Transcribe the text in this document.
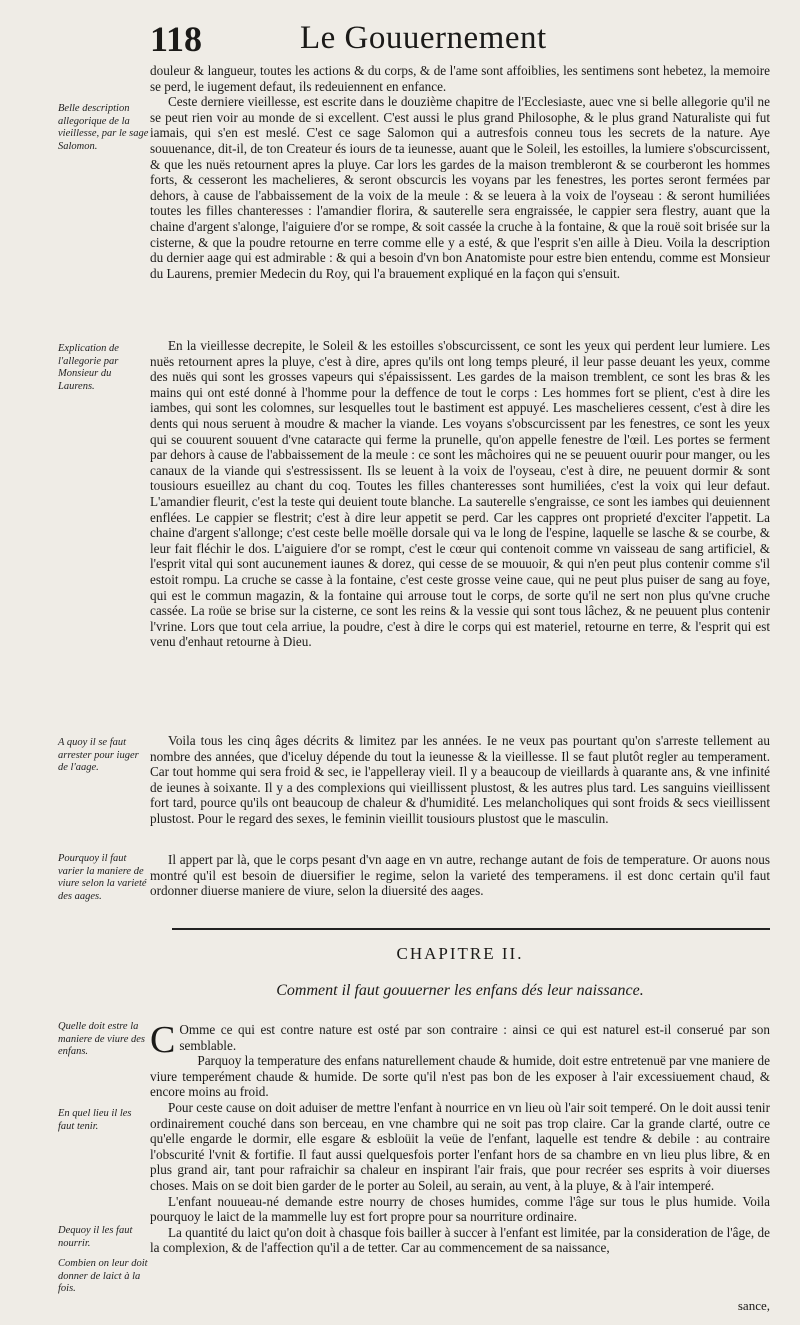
118	Le Gouuernement
Belle description allegorique de la vieillesse, par le sage Salomon.
Explication de l'allegorie par Monsieur du Laurens.
A quoy il se faut arrester pour iuger de l'aage.
Pourquoy il faut varier la maniere de viure selon la varieté des aages.
Quelle doit estre la maniere de viure des enfans.
En quel lieu il les faut tenir.
Dequoy il les faut nourrir.
Combien on leur doit donner de laict à la fois.

douleur & langueur, toutes les actions & du corps, & de l'ame sont affoiblies, les sentimens sont hebetez, la memoire se perd, le iugement defaut, ils redeuiennent en enfance.

Ceste derniere vieillesse, est escrite dans le douzième chapitre de l'Ecclesiaste, auec vne si belle allegorie qu'il ne se peut rien voir au monde de si excellent. C'est aussi le plus grand Philosophe, & le plus grand Naturaliste qui fut iamais, qui s'en est meslé. C'est ce sage Salomon qui a autresfois conneu tous les secrets de la nature. Aye souuenance, dit-il, de ton Createur és iours de ta ieunesse, auant que le Soleil, les estoilles, la lumiere s'obscurcissent, & que les nuës retournent apres la pluye. Car lors les gardes de la maison trembleront & se courberont les hommes forts, & cesseront les machelieres, & seront obscurcis les voyans par les fenestres, les portes seront fermées par dehors, à cause de l'abbaissement de la voix de la meule : & se leuera à la voix de l'oyseau : & seront humiliées toutes les filles chanteresses : l'amandier florira, & sauterelle sera engraissée, le cappier sera flestry, auant que la chaine d'argent s'alonge, l'aiguiere d'or se rompe, & soit cassée la cruche à la fontaine, & que la rouë soit brisée sur la cisterne, & que la poudre retourne en terre comme elle y a esté, & que l'esprit s'en aille à Dieu. Voila la description du dernier aage qui est admirable : & qui a besoin d'vn bon Anatomiste pour estre bien entendu, comme est Monsieur du Laurens, premier Medecin du Roy, qui l'a brauement expliqué en la façon qui s'ensuit.

En la vieillesse decrepite, le Soleil & les estoilles s'obscurcissent, ce sont les yeux qui perdent leur lumiere. Les nuës retournent apres la pluye, c'est à dire, apres qu'ils ont long temps pleuré, il leur passe deuant les yeux, comme des nuës qui sont les grosses vapeurs qui s'épaississent. Les gardes de la maison tremblent, ce sont les bras & les mains qui ont esté donné à l'homme pour la deffence de tout le corps : Les hommes fort se plient, c'est à dire les iambes, qui sont les colomnes, sur lesquelles tout le bastiment est appuyé. Les maschelieres cessent, c'est à dire les dents qui nous seruent à moudre & macher la viande. Les voyans s'obscurcissent par les fenestres, ce sont les yeux qui se couurent souuent d'vne cataracte qui ferme la prunelle, qu'on appelle fenestre de l'œil. Les portes se ferment par dehors à cause de l'abbaissement de la meule : ce sont les mâchoires qui ne se peuuent ouurir pour manger, ou les canaux de la viande qui s'estressissent. Ils se leuent à la voix de l'oyseau, c'est à dire, ne peuuent dormir & sont tousiours esueillez au chant du coq. Toutes les filles chanteresses sont humiliées, c'est la voix qui leur defaut. L'amandier fleurit, c'est la teste qui deuient toute blanche. La sauterelle s'engraisse, ce sont les iambes qui deuiennent enflées. Le cappier se flestrit; c'est à dire leur appetit se perd. Car les cappres ont proprieté d'exciter l'appetit. La chaine d'argent s'allonge; c'est ceste belle moëlle dorsale qui va le long de l'espine, laquelle se lasche & se courbe, & leur fait fléchir le dos. L'aiguiere d'or se rompt, c'est le cœur qui contenoit comme vn vaisseau de sang artificiel, & l'esprit vital qui sont aucunement iaunes & dorez, qui cesse de se mouuoir, & qui n'en peut plus contenir comme s'il estoit rompu. La cruche se casse à la fontaine, c'est ceste grosse veine caue, qui ne peut plus puiser de sang au foye, qui est le commun magazin, & la fontaine qui arrouse tout le corps, de sorte qu'il ne sert non plus qu'vne cruche cassée. La roüe se brise sur la cisterne, ce sont les reins & la vessie qui sont tous lâchez, & ne peuuent plus contenir l'vrine. Lors que tout cela arriue, la poudre, c'est à dire le corps qui est materiel, retourne en terre, & l'esprit qui est venu d'enhaut retourne à Dieu.

Voila tous les cinq âges décrits & limitez par les années. Ie ne veux pas pourtant qu'on s'arreste tellement au nombre des années, que d'iceluy dépende du tout la ieunesse & la vieillesse. Il se faut plutôt regler au temperament. Car tout homme qui sera froid & sec, ie l'appelleray vieil. Il y a beaucoup de vieillards à quarante ans, & vne infinité de ieunes à soixante. Il y a des complexions qui vieillissent plustost, & les autres plus tard. Les sanguins vieillissent fort tard, pource qu'ils ont beaucoup de chaleur & d'humidité. Les melancholiques qui sont froids & secs vieillissent plustost. Pour le regard des sexes, le feminin vieillit tousiours plustost que le masculin.

Il appert par là, que le corps pesant d'vn aage en vn autre, rechange autant de fois de temperature. Or auons nous montré qu'il est besoin de diuersifier le regime, selon la varieté des temperamens. il est donc certain qu'il faut ordonner diuerse maniere de viure, selon la diuersité des aages.

CHAPITRE II.
Comment il faut gouuerner les enfans dés leur naissance.

C Omme ce qui est contre nature est osté par son contraire : ainsi ce qui est naturel est-il conserué par son semblable.

Parquoy la temperature des enfans naturellement chaude & humide, doit estre entretenuë par vne maniere de viure temperément chaude & humide. De sorte qu'il n'est pas bon de les exposer à l'air excessiuement chaud, & encore moins au froid.

Pour ceste cause on doit aduiser de mettre l'enfant à nourrice en vn lieu où l'air soit temperé. On le doit aussi tenir ordinairement couché dans son berceau, en vne chambre qui ne soit pas trop claire. Car la grande clarté, outre ce qu'elle engarde le dormir, elle esgare & esbloüit la veüe de l'enfant, laquelle est tendre & debile : au contraire l'obscurité l'vnit & fortifie. Il faut aussi quelquesfois porter l'enfant hors de sa chambre en vn lieu plus libre, & en plus grand air, tant pour rafraichir sa chaleur en inspirant l'air frais, que pour recréer ses esprits à voir diuerses choses. Mais on se doit bien garder de le porter au Soleil, au serain, au vent, à la pluye, & à l'air intemperé.

L'enfant nouueau-né demande estre nourry de choses humides, comme l'âge sur tous le plus humide. Voila pourquoy le laict de la mammelle luy est fort propre pour sa nourriture ordinaire.

La quantité du laict qu'on doit à chasque fois bailler à succer à l'enfant est limitée, par la consideration de l'âge, de la complexion, & de l'affection qu'il a de tetter. Car au commencement de sa naissance,

sance,
